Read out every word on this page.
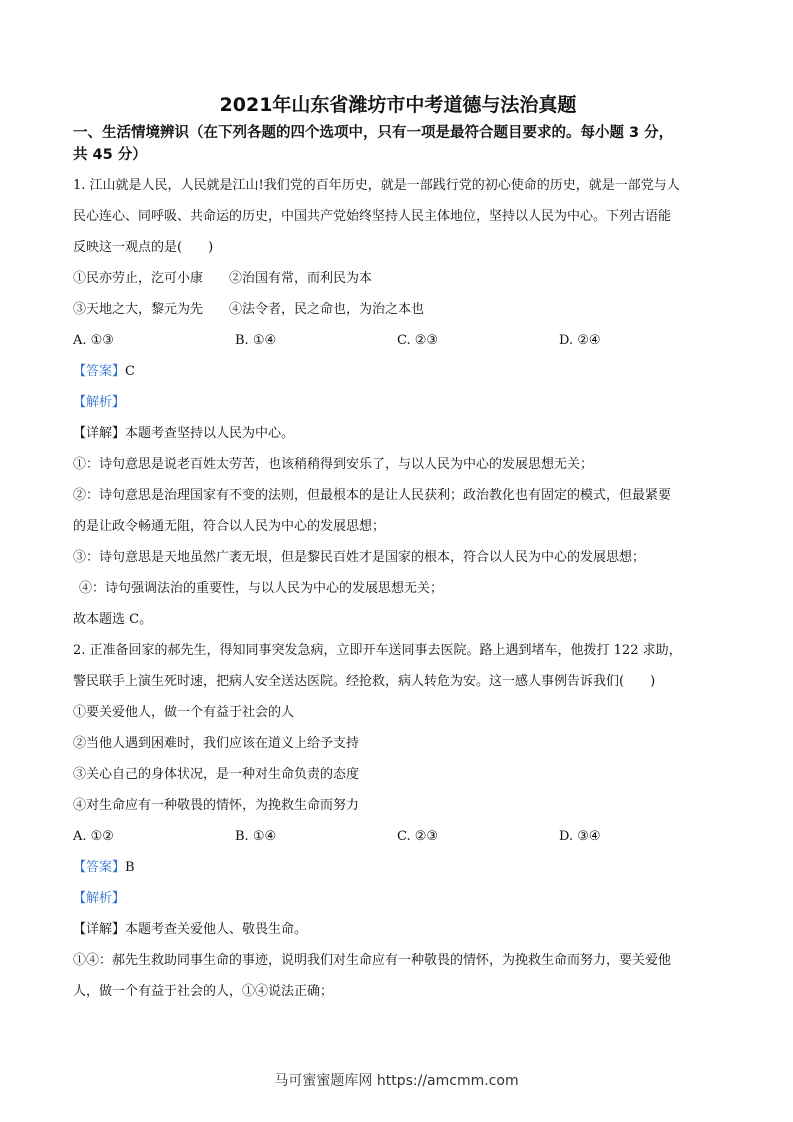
2021年山东省潍坊市中考道德与法治真题
一、生活情境辨识（在下列各题的四个选项中，只有一项是最符合题目要求的。每小题 3 分，
共 45 分）

1. 江山就是人民，人民就是江山!我们党的百年历史，就是一部践行党的初心使命的历史，就是一部党与人

民心连心、同呼吸、共命运的历史，中国共产党始终坚持人民主体地位，坚持以人民为中心。下列古语能

反映这一观点的是(　　)

①民亦劳止，汔可小康　　②治国有常，而利民为本

③天地之大，黎元为先　　④法令者，民之命也，为治之本也

A. ①③	B. ①④	C. ②③	D. ②④

【答案】C

【解析】

【详解】本题考查坚持以人民为中心。

①：诗句意思是说老百姓太劳苦，也该稍稍得到安乐了，与以人民为中心的发展思想无关；

②：诗句意思是治理国家有不变的法则，但最根本的是让人民获利；政治教化也有固定的模式，但最紧要

的是让政令畅通无阻，符合以人民为中心的发展思想；

③：诗句意思是天地虽然广袤无垠，但是黎民百姓才是国家的根本，符合以人民为中心的发展思想；

④：诗句强调法治的重要性，与以人民为中心的发展思想无关；

故本题选 C。

2. 正准备回家的郝先生，得知同事突发急病，立即开车送同事去医院。路上遇到堵车，他拨打 122 求助，

警民联手上演生死时速，把病人安全送达医院。经抢救，病人转危为安。这一感人事例告诉我们(　　)

①要关爱他人，做一个有益于社会的人

②当他人遇到困难时，我们应该在道义上给予支持

③关心自己的身体状况，是一种对生命负责的态度

④对生命应有一种敬畏的情怀，为挽救生命而努力

A. ①②	B. ①④	C. ②③	D. ③④

【答案】B

【解析】

【详解】本题考查关爱他人、敬畏生命。

①④：郝先生救助同事生命的事迹，说明我们对生命应有一种敬畏的情怀，为挽救生命而努力，要关爱他

人，做一个有益于社会的人，①④说法正确；

马可蜜蜜题库网 https://amcmm.com
